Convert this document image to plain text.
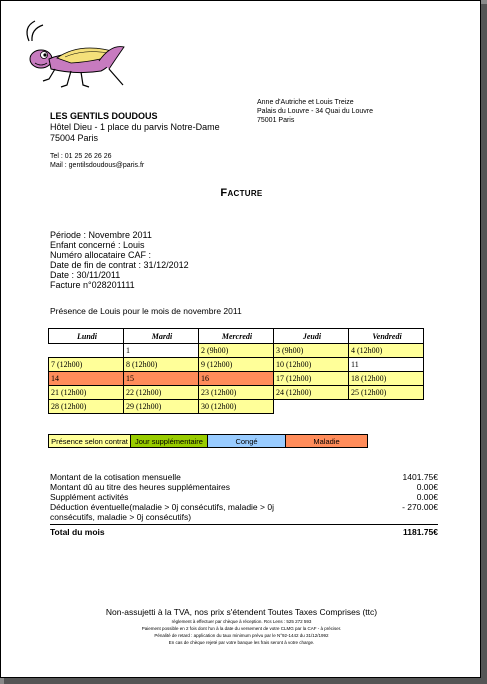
LES GENTILS DOUDOUS
Hôtel Dieu - 1 place du parvis Notre-Dame
75004 Paris
Tel : 01 25 26 26 26
Mail : gentilsdoudous@paris.fr
Anne d'Autriche et Louis Treize
Palais du Louvre - 34 Quai du Louvre
75001 Paris
Facture
Période : Novembre 2011
Enfant concerné : Louis
Numéro allocataire CAF :
Date de fin de contrat : 31/12/2012
Date : 30/11/2011
Facture n°028201111
Présence de Louis pour le mois de novembre 2011
Lundi	Mardi	Mercredi	Jeudi	Vendredi
	1	2 (9h00)	3 (9h00)	4 (12h00)
7 (12h00)	8 (12h00)	9 (12h00)	10 (12h00)	11
14	15	16	17 (12h00)	18 (12h00)
21 (12h00)	22 (12h00)	23 (12h00)	24 (12h00)	25 (12h00)
28 (12h00)	29 (12h00)	30 (12h00)		
Présence selon contrat Jour supplémentaire	Congé	Maladie
Montant de la cotisation mensuelle	1401.75€
Montant dû au titre des heures supplémentaires	0.00€
Supplément activités	0.00€
Déduction éventuelle(maladie > 0j consécutifs, maladie > 0j consécutifs, maladie > 0j consécutifs)
- 270.00€
Total du mois	1181.75€
Non-assujetti à la TVA, nos prix s'étendent Toutes Taxes Comprises (ttc)
règlement à effectuer par chèque à réception. Rcs Lens : 525 272 593
Paiement possible en 2 fois dont l'un à la date du versement de votre CLMG par la CAF - à préciser.
Pénalité de retard : application du taux minimum prévu par le N°92-1442 du 31/12/1992
En cas de chèque rejeté par votre banque les frais seront à votre charge.
